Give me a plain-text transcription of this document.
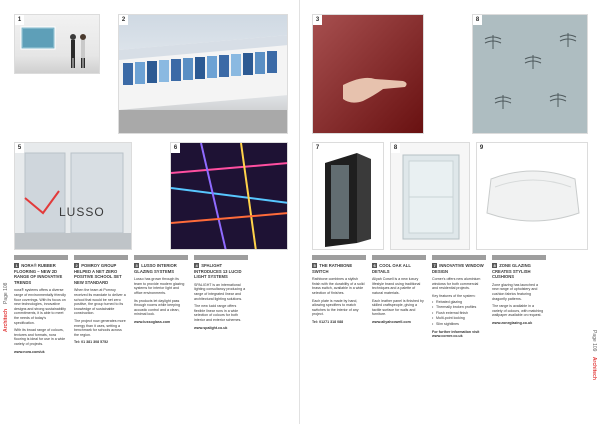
1	2
LUSSO
5	6
1 NORA® RUBBER FLOORING – NEW 2D RANGE OF INNOVATIVE TRENDS
nora® systems offers a diverse range of environmentally friendly floor coverings. With its focus on new technologies, innovative designs and strong sustainability commitments, it is able to meet the needs of today's specification.
With its broad range of colours, textures and formats, nora flooring is ideal for use in a wide variety of projects.
www.nora.com/uk
2 POMROY GROUP HELPED A NET ZERO POSITIVE SCHOOL SET NEW STANDARD
When the team at Pomroy received its mandate to deliver a school that would be net zero positive, the group turned to its knowledge of sustainable construction.
The project now generates more energy than it uses, setting a benchmark for schools across the region.
Tel: 01 381 308 5752
3 LUSSO INTERIOR GLAZING SYSTEMS
Lusso has grown through its team to provide modern glazing systems for interior light and office environments.
Its products let daylight pass through rooms while keeping acoustic control and a clean, minimal look.
www.lussoglass.com
4 SPALIGHT INTRODUCES 13 LUCID LIGHT SYSTEMS
SPALIGHT is an international lighting consultancy producing a range of integrated linear and architectural lighting solutions.
The new lucid range offers flexible linear runs in a wide selection of colours for both interior and exterior schemes.
www.spalight.co.uk
Architech Page 108
3	8
7	8	9
5 THE RATHBONE SWITCH
Rathbone combines a stylish finish with the durability of a solid brass switch, available in a wide selection of finishes.
Each plate is made by hand, allowing specifiers to match switches to the interior of any project.
Tel: 01271 318 088
6 COOL OAK ALL DETAILS
Aliyah Cowell is a new luxury lifestyle brand using traditional techniques and a palette of natural materials.
Each leather panel is finished by skilled craftspeople, giving a tactile surface for walls and furniture.
www.aliyahcowell.com
7 INNOVATIVE WINDOW DESIGN
Corner's offers new aluminium windows for both commercial and residential projects.
Key features of the system:
• Rebated glazing
• Thermally broken profiles
• Flush external finish
• Multi-point locking
• Slim sightlines
For further information visit www.corner.co.uk
8 ZONE GLAZING CREATES STYLISH CUSHIONS
Zone glazing has launched a new range of upholstery and cushion fabrics featuring dragonfly patterns.
The range is available in a variety of colours, with matching wallpaper available on request.
www.zoneglazing.co.uk
Page 109 Architech
